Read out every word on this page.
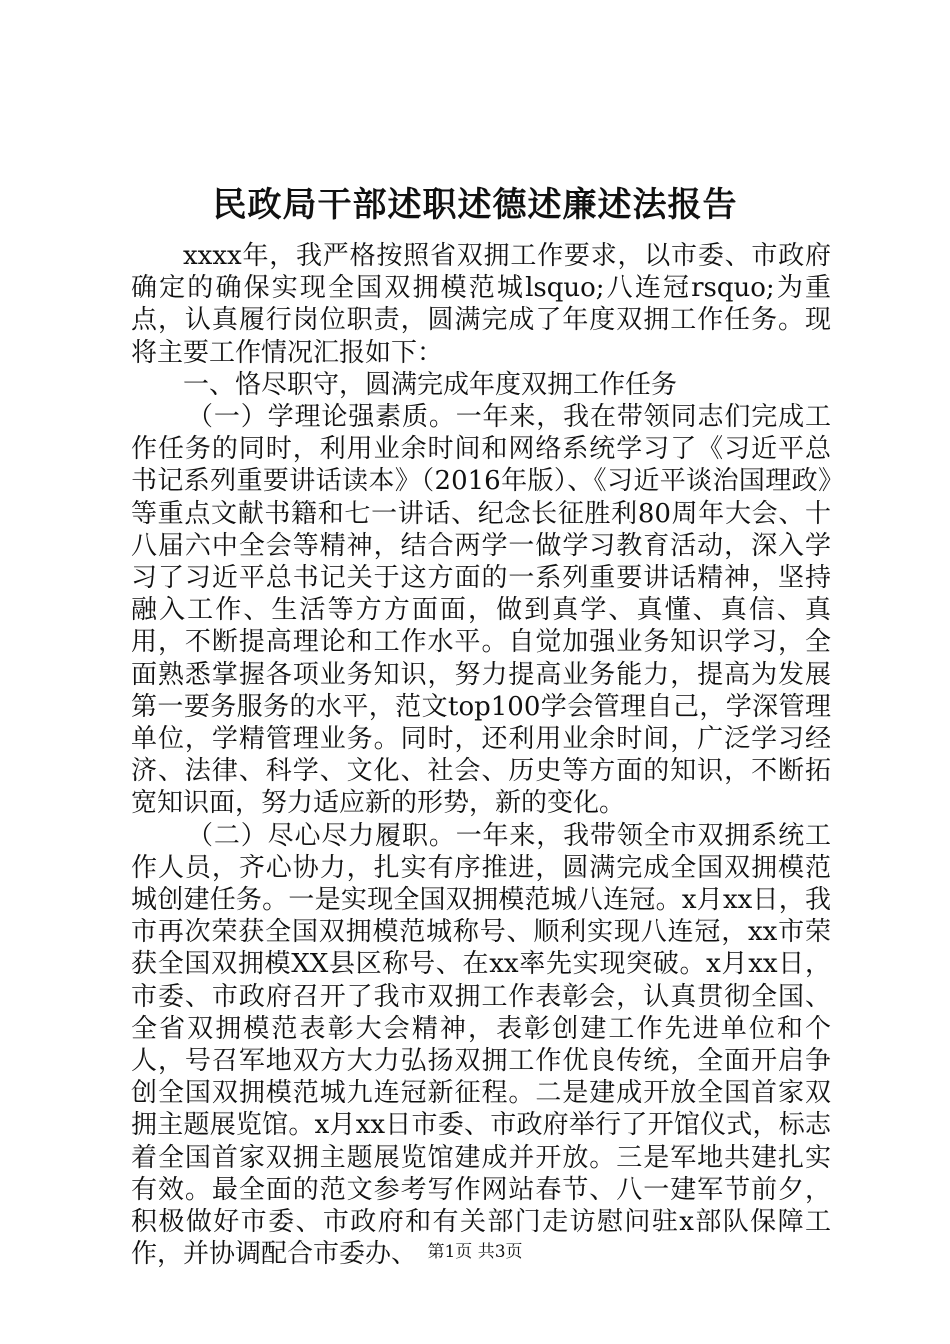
民政局干部述职述德述廉述法报告

xxxx年，我严格按照省双拥工作要求，以市委、市政府确定的确保实现全国双拥模范城lsquo;八连冠rsquo;为重点，认真履行岗位职责，圆满完成了年度双拥工作任务。现将主要工作情况汇报如下：

一、恪尽职守，圆满完成年度双拥工作任务

（一）学理论强素质。一年来，我在带领同志们完成工作任务的同时，利用业余时间和网络系统学习了《习近平总书记系列重要讲话读本》（2016年版）、《习近平谈治国理政》等重点文献书籍和七一讲话、纪念长征胜利80周年大会、十八届六中全会等精神，结合两学一做学习教育活动，深入学习了习近平总书记关于这方面的一系列重要讲话精神，坚持融入工作、生活等方方面面，做到真学、真懂、真信、真用，不断提高理论和工作水平。自觉加强业务知识学习，全面熟悉掌握各项业务知识，努力提高业务能力，提高为发展第一要务服务的水平，范文top100学会管理自己，学深管理单位，学精管理业务。同时，还利用业余时间，广泛学习经济、法律、科学、文化、社会、历史等方面的知识，不断拓宽知识面，努力适应新的形势，新的变化。

（二）尽心尽力履职。一年来，我带领全市双拥系统工作人员，齐心协力，扎实有序推进，圆满完成全国双拥模范城创建任务。一是实现全国双拥模范城八连冠。x月xx日，我市再次荣获全国双拥模范城称号、顺利实现八连冠，xx市荣获全国双拥模XX县区称号、在xx率先实现突破。x月xx日，市委、市政府召开了我市双拥工作表彰会，认真贯彻全国、全省双拥模范表彰大会精神，表彰创建工作先进单位和个人，号召军地双方大力弘扬双拥工作优良传统，全面开启争创全国双拥模范城九连冠新征程。二是建成开放全国首家双拥主题展览馆。x月xx日市委、市政府举行了开馆仪式，标志着全国首家双拥主题展览馆建成并开放。三是军地共建扎实有效。最全面的范文参考写作网站春节、八一建军节前夕，积极做好市委、市政府和有关部门走访慰问驻x部队保障工作，并协调配合市委办、 第1页 共3页
